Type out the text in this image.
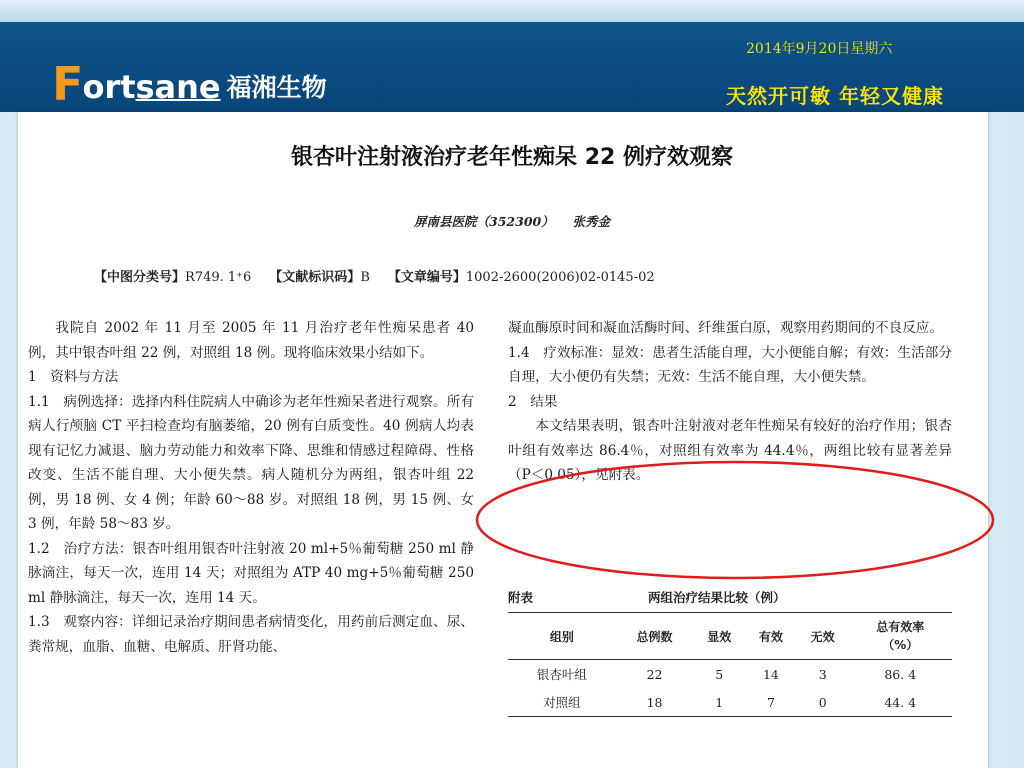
F ortsane 福湘生物
2014年9月20日星期六
天然开可敏 年轻又健康
银杏叶注射液治疗老年性痴呆 22 例疗效观察
屏南县医院（352300）　　张秀金
【中图分类号】R749. 1⁺6 【文献标识码】B 【文章编号】1002-2600(2006)02-0145-02

我院自 2002 年 11 月至 2005 年 11 月治疗老年性痴呆患者 40 例，其中银杏叶组 22 例，对照组 18 例。现将临床效果小结如下。

1　资料与方法

1.1　病例选择：选择内科住院病人中确诊为老年性痴呆者进行观察。所有病人行颅脑 CT 平扫检查均有脑萎缩，20 例有白质变性。40 例病人均表现有记忆力减退、脑力劳动能力和效率下降、思维和情感过程障碍、性格改变、生活不能自理、大小便失禁。病人随机分为两组，银杏叶组 22 例，男 18 例、女 4 例；年龄 60～88 岁。对照组 18 例，男 15 例、女 3 例，年龄 58～83 岁。

1.2　治疗方法：银杏叶组用银杏叶注射液 20 ml+5％葡萄糖 250 ml 静脉滴注，每天一次，连用 14 天；对照组为 ATP 40 mg+5％葡萄糖 250 ml 静脉滴注，每天一次，连用 14 天。

1.3　观察内容：详细记录治疗期间患者病情变化，用药前后测定血、尿、粪常规，血脂、血糖、电解质、肝肾功能、

凝血酶原时间和凝血活酶时间、纤维蛋白原，观察用药期间的不良反应。

1.4　疗效标准：显效：患者生活能自理，大小便能自解；有效：生活部分自理，大小便仍有失禁；无效：生活不能自理，大小便失禁。

2　结果

本文结果表明，银杏叶注射液对老年性痴呆有较好的治疗作用；银杏叶组有效率达 86.4％，对照组有效率为 44.4％，两组比较有显著差异（P＜0.05），见附表。

附表	两组治疗结果比较（例）
组别	总例数	显效	有效	无效	总有效率
（%）
银杏叶组	22	5	14	3	86. 4
对照组	18	1	7	0	44. 4
